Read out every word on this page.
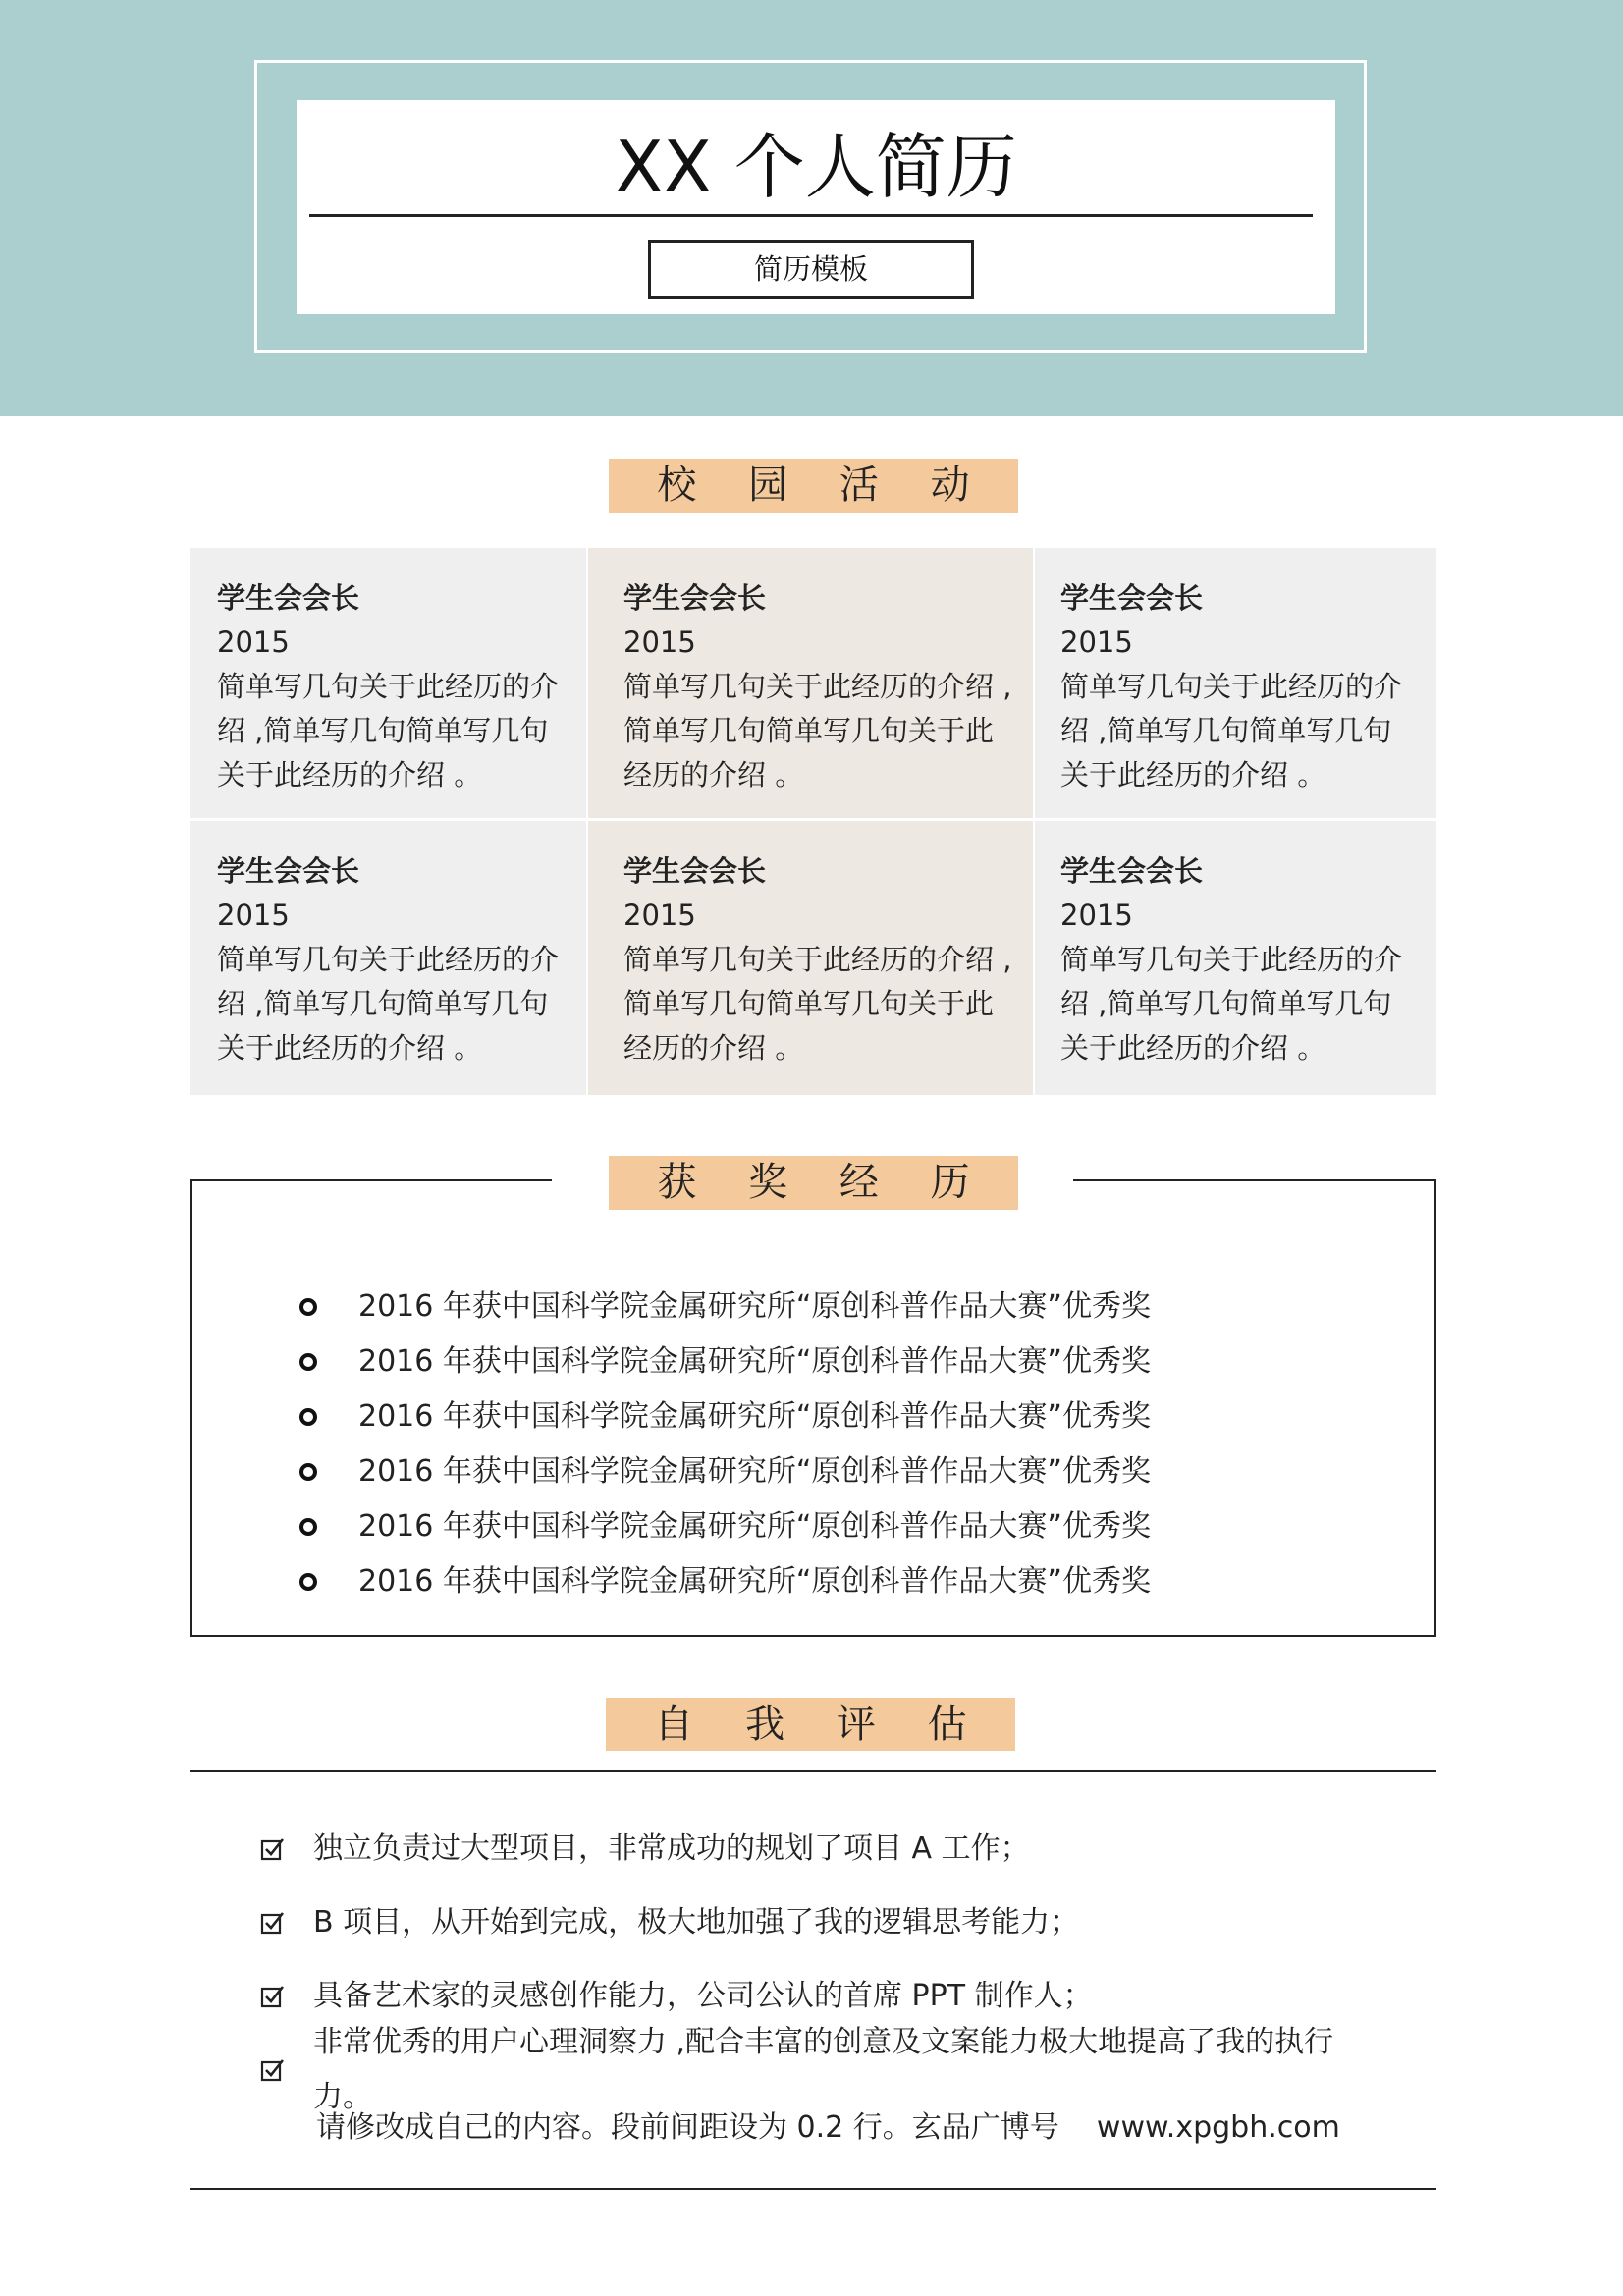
XX 个人简历
简历模板
校 园 活 动
学生会会长
2015
简单写几句关于此经历的介绍 ,简单写几句简单写几句关于此经历的介绍 。
学生会会长
2015
简单写几句关于此经历的介绍 ,简单写几句简单写几句关于此经历的介绍 。
学生会会长
2015
简单写几句关于此经历的介绍 ,简单写几句简单写几句关于此经历的介绍 。
学生会会长
2015
简单写几句关于此经历的介绍 ,简单写几句简单写几句关于此经历的介绍 。
学生会会长
2015
简单写几句关于此经历的介绍 ,简单写几句简单写几句关于此经历的介绍 。
学生会会长
2015
简单写几句关于此经历的介绍 ,简单写几句简单写几句关于此经历的介绍 。
获 奖 经 历
2016 年获中国科学院金属研究所“原创科普作品大赛”优秀奖
2016 年获中国科学院金属研究所“原创科普作品大赛”优秀奖
2016 年获中国科学院金属研究所“原创科普作品大赛”优秀奖
2016 年获中国科学院金属研究所“原创科普作品大赛”优秀奖
2016 年获中国科学院金属研究所“原创科普作品大赛”优秀奖
2016 年获中国科学院金属研究所“原创科普作品大赛”优秀奖
自 我 评 估
独立负责过大型项目，非常成功的规划了项目 A 工作；
B 项目，从开始到完成，极大地加强了我的逻辑思考能力；
具备艺术家的灵感创作能力，公司公认的首席 PPT 制作人；
非常优秀的用户心理洞察力 ,配合丰富的创意及文案能力极大地提高了我的执行力。
请修改成自己的内容。段前间距设为 0.2 行。玄品广博号    www.xpgbh.com
